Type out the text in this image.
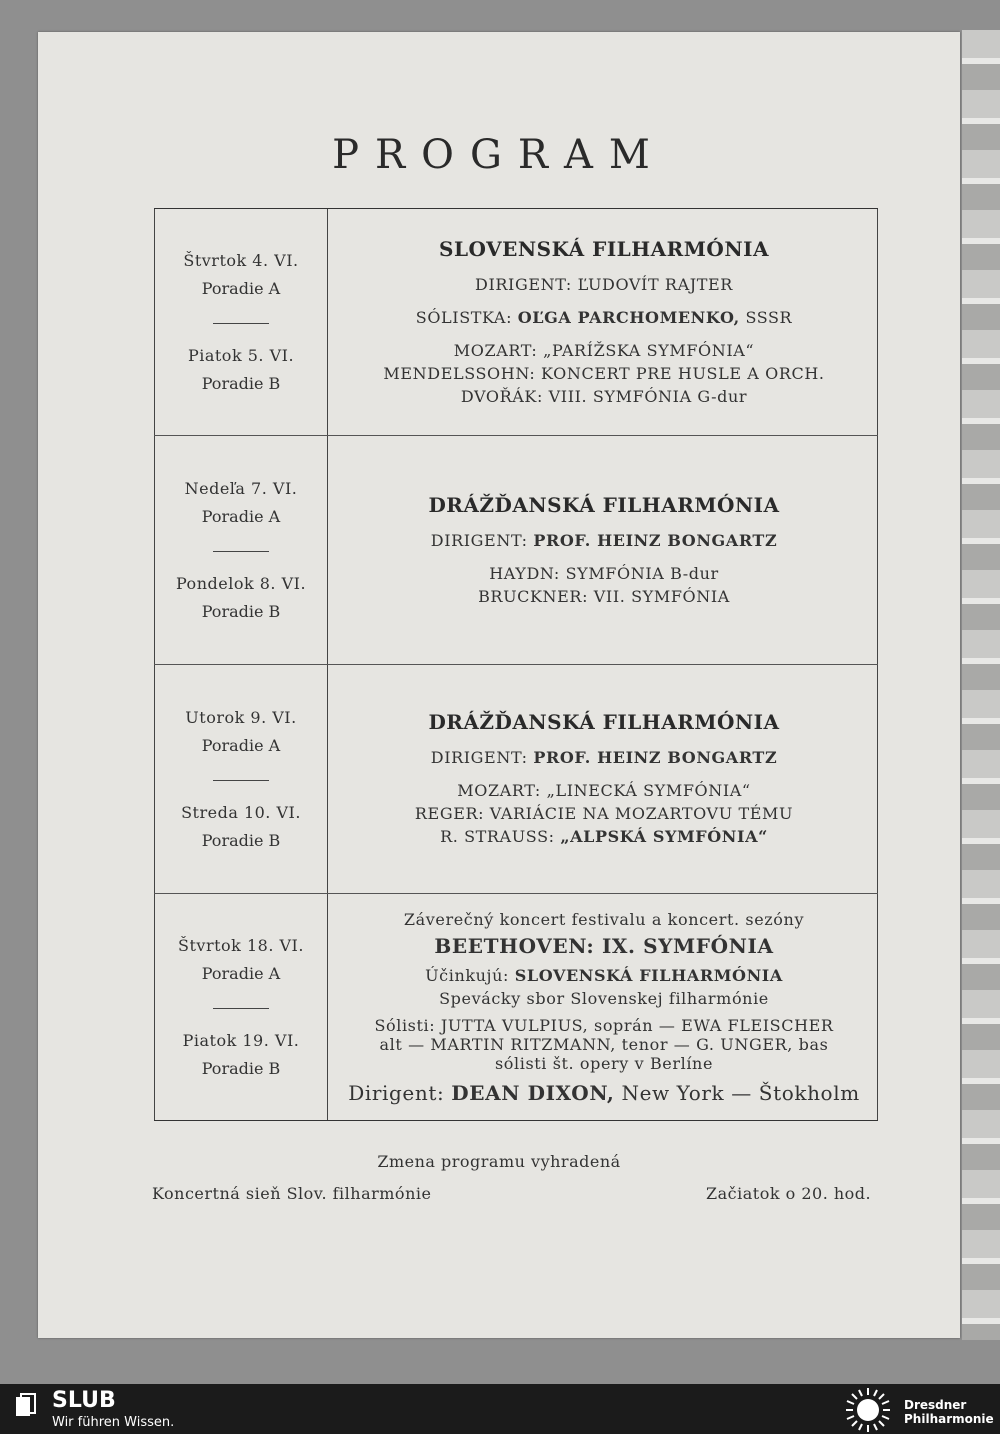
PROGRAM
Štvrtok 4. VI.
Poradie A
Piatok 5. VI.
Poradie B
SLOVENSKÁ FILHARMÓNIA
DIRIGENT: ĽUDOVÍT RAJTER
SÓLISTKA: OĽGA PARCHOMENKO, SSSR
MOZART: „PARÍŽSKA SYMFÓNIA“
MENDELSSOHN: KONCERT PRE HUSLE A ORCH.
DVOŘÁK: VIII. SYMFÓNIA G-dur
Nedeľa 7. VI.
Poradie A
Pondelok 8. VI.
Poradie B
DRÁŽĎANSKÁ FILHARMÓNIA
DIRIGENT: PROF. HEINZ BONGARTZ
HAYDN: SYMFÓNIA B-dur
BRUCKNER: VII. SYMFÓNIA
Utorok 9. VI.
Poradie A
Streda 10. VI.
Poradie B
DRÁŽĎANSKÁ FILHARMÓNIA
DIRIGENT: PROF. HEINZ BONGARTZ
MOZART: „LINECKÁ SYMFÓNIA“
REGER: VARIÁCIE NA MOZARTOVU TÉMU
R. STRAUSS: „ALPSKÁ SYMFÓNIA“
Štvrtok 18. VI.
Poradie A
Piatok 19. VI.
Poradie B
Záverečný koncert festivalu a koncert. sezóny
BEETHOVEN: IX. SYMFÓNIA
Účinkujú: SLOVENSKÁ FILHARMÓNIA
Spevácky sbor Slovenskej filharmónie
Sólisti: JUTTA VULPIUS, soprán — EWA FLEISCHER
alt — MARTIN RITZMANN, tenor — G. UNGER, bas
sólisti št. opery v Berlíne
Dirigent: DEAN DIXON, New York — Štokholm
Zmena programu vyhradená
Koncertná sieň Slov. filharmónie	Začiatok o 20. hod.
SLUB
Wir führen Wissen.
Dresdner
Philharmonie
